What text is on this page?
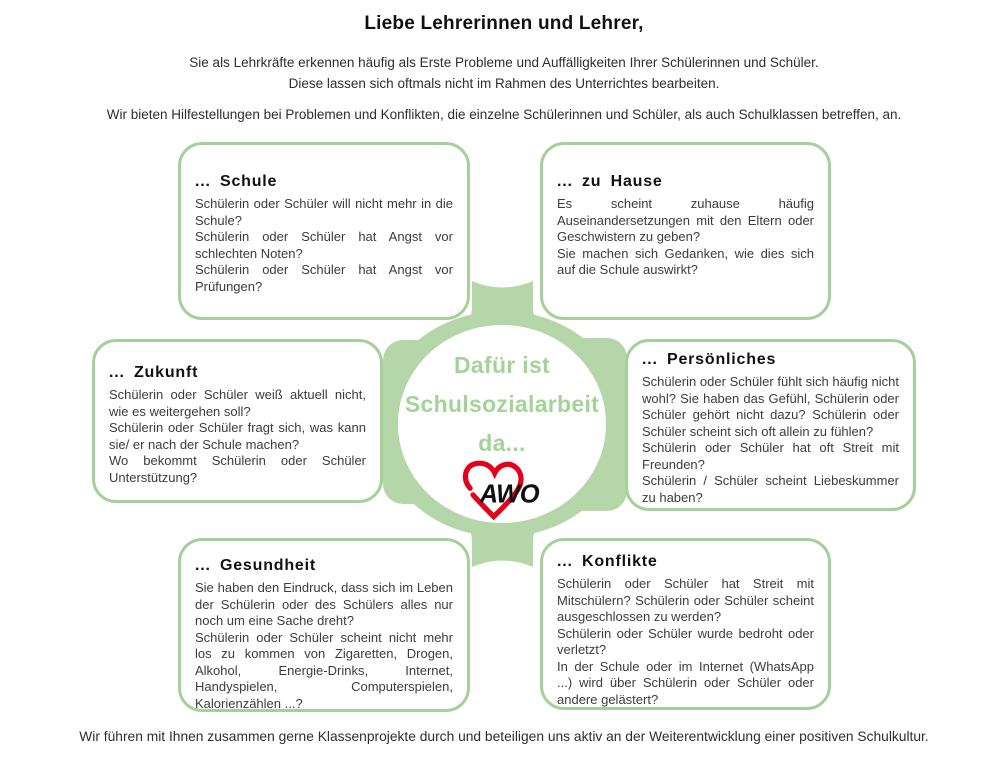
Liebe Lehrerinnen und Lehrer,
Sie als Lehrkräfte erkennen häufig als Erste Probleme und Auffälligkeiten Ihrer Schülerinnen und Schüler.
Diese lassen sich oftmals nicht im Rahmen des Unterrichtes bearbeiten.
Wir bieten Hilfestellungen bei Problemen und Konflikten, die einzelne Schülerinnen und Schüler, als auch Schulklassen betreffen, an.
Dafür ist
Schulsozialarbeit
da...
AWO
... Schule

Schülerin oder Schüler will nicht mehr in die Schule?

Schülerin oder Schüler hat Angst vor schlechten Noten?

Schülerin oder Schüler hat Angst vor Prüfungen?

... zu Hause

Es scheint zuhause häufig Auseinandersetzungen mit den Eltern oder Geschwistern zu geben?

Sie machen sich Gedanken, wie dies sich auf die Schule auswirkt?

... Zukunft

Schülerin oder Schüler weiß aktuell nicht, wie es weitergehen soll?

Schülerin oder Schüler fragt sich, was kann sie/ er nach der Schule machen?

Wo bekommt Schülerin oder Schüler Unterstützung?

... Persönliches

Schülerin oder Schüler fühlt sich häufig nicht wohl? Sie haben das Gefühl, Schülerin oder Schüler gehört nicht dazu? Schülerin oder Schüler scheint sich oft allein zu fühlen?

Schülerin oder Schüler hat oft Streit mit Freunden?

Schülerin / Schüler scheint Liebeskummer zu haben?

... Gesundheit

Sie haben den Eindruck, dass sich im Leben der Schülerin oder des Schülers alles nur noch um eine Sache dreht?

Schülerin oder Schüler scheint nicht mehr los zu kommen von Zigaretten, Drogen, Alkohol, Energie-Drinks, Internet, Handyspielen, Computerspielen, Kalorienzählen ...?

... Konflikte

Schülerin oder Schüler hat Streit mit Mitschülern? Schülerin oder Schüler scheint ausgeschlossen zu werden?

Schülerin oder Schüler wurde bedroht oder verletzt?

In der Schule oder im Internet (WhatsApp ...) wird über Schülerin oder Schüler oder andere gelästert?

Wir führen mit Ihnen zusammen gerne Klassenprojekte durch und beteiligen uns aktiv an der Weiterentwicklung einer positiven Schulkultur.
